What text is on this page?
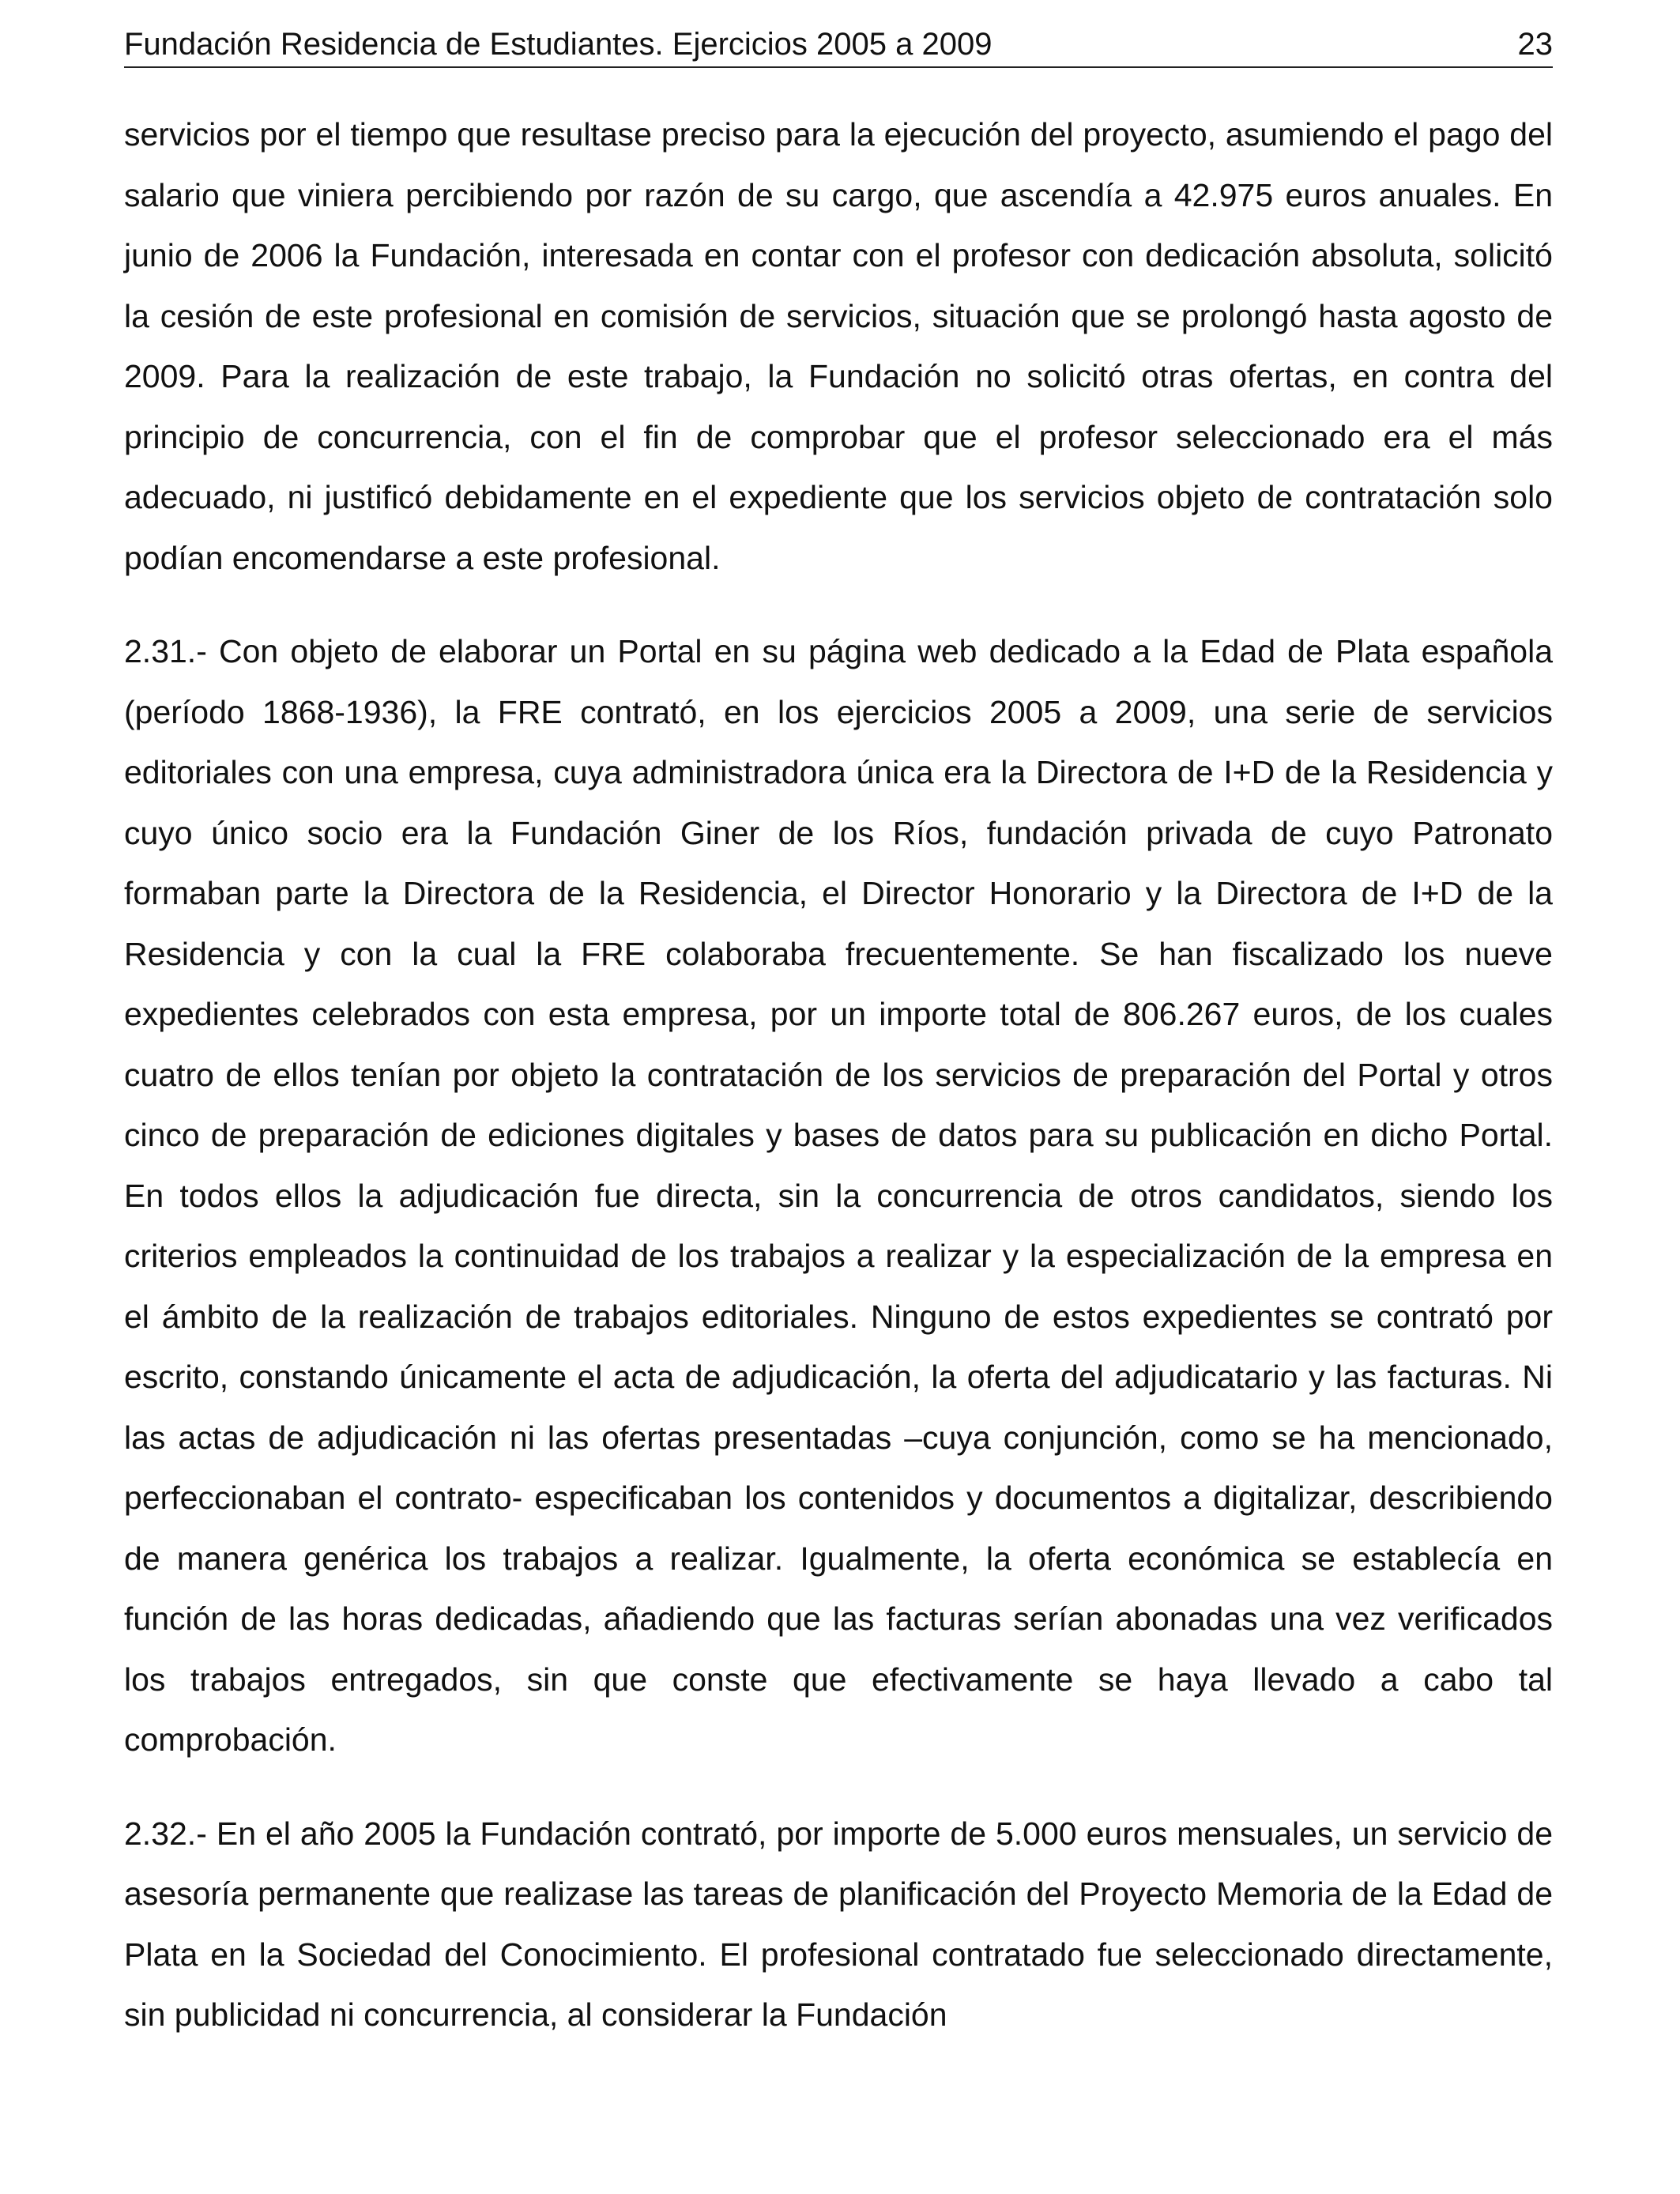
Fundación Residencia de Estudiantes. Ejercicios 2005 a 2009	23

servicios por el tiempo que resultase preciso para la ejecución del proyecto, asumiendo el pago del salario que viniera percibiendo por razón de su cargo, que ascendía a 42.975 euros anuales. En junio de 2006 la Fundación, interesada en contar con el profesor con dedicación absoluta, solicitó la cesión de este profesional en comisión de servicios, situación que se prolongó hasta agosto de 2009. Para la realización de este trabajo, la Fundación no solicitó otras ofertas, en contra del principio de concurrencia, con el fin de comprobar que el profesor seleccionado era el más adecuado, ni justificó debidamente en el expediente que los servicios objeto de contratación solo podían encomendarse a este profesional.

2.31.- Con objeto de elaborar un Portal en su página web dedicado a la Edad de Plata española (período 1868-1936), la FRE contrató, en los ejercicios 2005 a 2009, una serie de servicios editoriales con una empresa, cuya administradora única era la Directora de I+D de la Residencia y cuyo único socio era la Fundación Giner de los Ríos, fundación privada de cuyo Patronato formaban parte la Directora de la Residencia, el Director Honorario y la Directora de I+D de la Residencia y con la cual la FRE colaboraba frecuentemente. Se han fiscalizado los nueve expedientes celebrados con esta empresa, por un importe total de 806.267 euros, de los cuales cuatro de ellos tenían por objeto la contratación de los servicios de preparación del Portal y otros cinco de preparación de ediciones digitales y bases de datos para su publicación en dicho Portal. En todos ellos la adjudicación fue directa, sin la concurrencia de otros candidatos, siendo los criterios empleados la continuidad de los trabajos a realizar y la especialización de la empresa en el ámbito de la realización de trabajos editoriales. Ninguno de estos expedientes se contrató por escrito, constando únicamente el acta de adjudicación, la oferta del adjudicatario y las facturas. Ni las actas de adjudicación ni las ofertas presentadas –cuya conjunción, como se ha mencionado, perfeccionaban el contrato- especificaban los contenidos y documentos a digitalizar, describiendo de manera genérica los trabajos a realizar. Igualmente, la oferta económica se establecía en función de las horas dedicadas, añadiendo que las facturas serían abonadas una vez verificados los trabajos entregados, sin que conste que efectivamente se haya llevado a cabo tal comprobación.

2.32.- En el año 2005 la Fundación contrató, por importe de 5.000 euros mensuales, un servicio de asesoría permanente que realizase las tareas de planificación del Proyecto Memoria de la Edad de Plata en la Sociedad del Conocimiento. El profesional contratado fue seleccionado directamente, sin publicidad ni concurrencia, al considerar la Fundación
